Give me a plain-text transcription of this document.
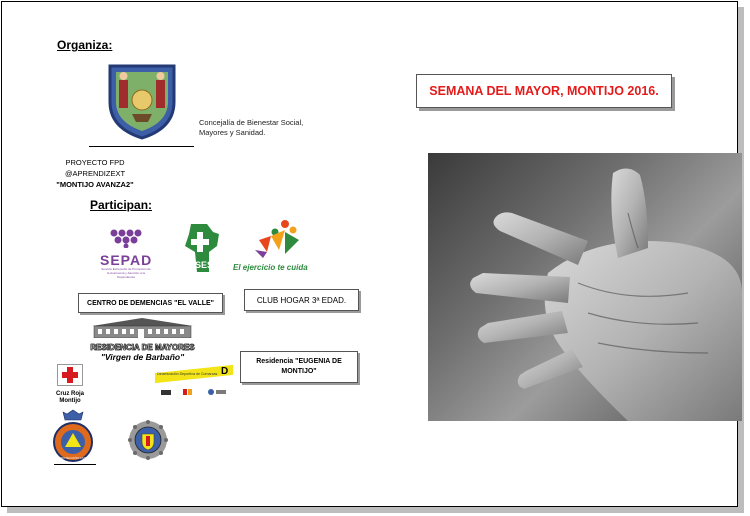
Organiza:
Concejalía de Bienestar Social,
Mayores y Sanidad.
PROYECTO FPD
@APRENDIZEXT
"MONTIJO AVANZA2"
Participan:
SEPAD
Servicio Extremeño de Promoción de la Autonomía y Atención a la Dependencia
SES El ejercicio te cuida
CENTRO DE DEMENCIAS "EL VALLE"	CLUB HOGAR 3ª EDAD.
RESIDENCIA DE MAYORES
"Virgen de Barbaño"	Residencia "EUGENIA DE
MONTIJO"
Cruz Roja
Montijo
Dinamización Deportiva de Comarcas D
PROTECCIÓN CIVIL
SEMANA DEL MAYOR, MONTIJO 2016.
